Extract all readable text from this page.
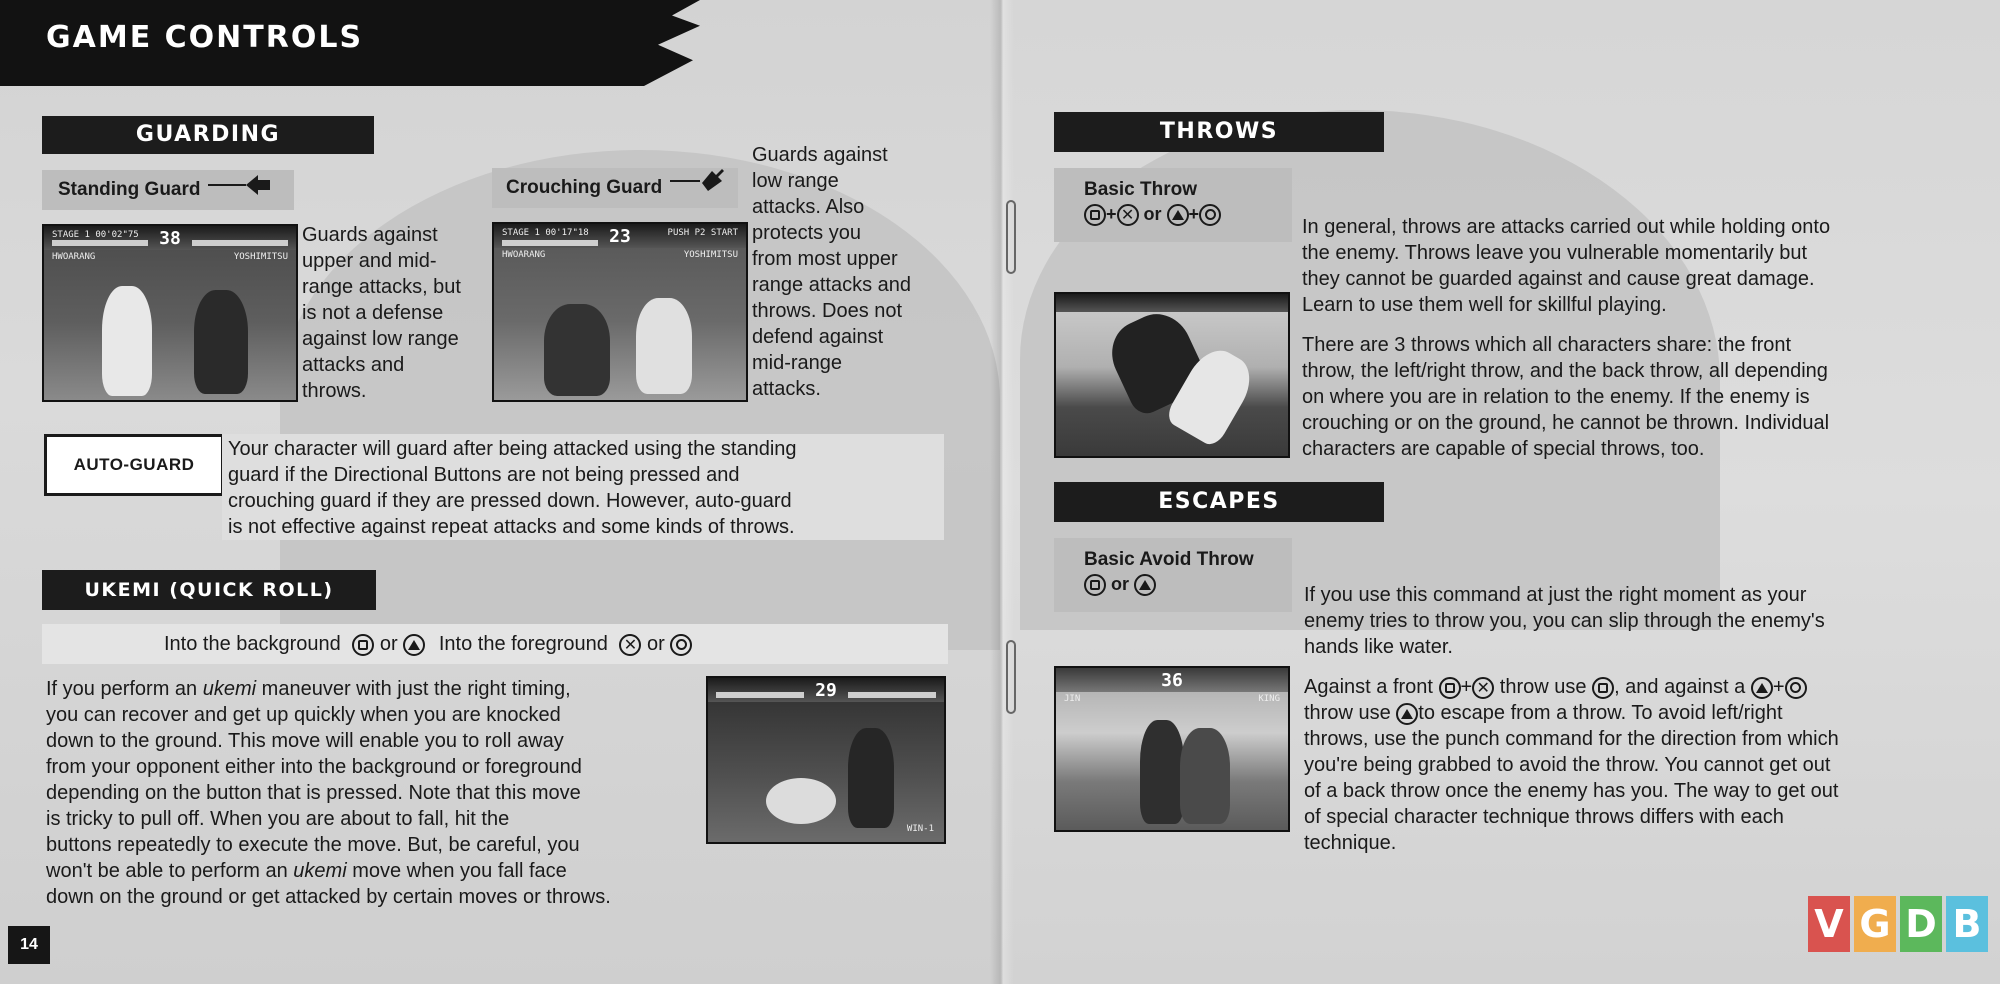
GAME CONTROLS
GUARDING
Standing Guard
STAGE 1 00'02"75 38
HWOARANG	YOSHIMITSU
Guards against
upper and mid-
range attacks, but
is not a defense
against low range
attacks and
throws.
Crouching Guard
STAGE 1 00'17"18 23	PUSH P2 START
HWOARANG	YOSHIMITSU
Guards against
low range
attacks. Also
protects you
from most upper
range attacks and
throws. Does not
defend against
mid-range
attacks.
AUTO-GUARD
Your character will guard after being attacked using the standing
guard if the Directional Buttons are not being pressed and
crouching guard if they are pressed down. However, auto-guard
is not effective against repeat attacks and some kinds of throws.
UKEMI (QUICK ROLL)
Into the background or Into the foreground ✕ or
If you perform an ukemi maneuver with just the right timing,
you can recover and get up quickly when you are knocked
down to the ground. This move will enable you to roll away
from your opponent either into the background or foreground
depending on the button that is pressed. Note that this move
is tricky to pull off. When you are about to fall, hit the
buttons repeatedly to execute the move. But, be careful, you
won't be able to perform an ukemi move when you fall face
down on the ground or get attacked by certain moves or throws.
29
WIN-1
14
THROWS
Basic Throw
+ ✕ or +
In general, throws are attacks carried out while holding onto
the enemy. Throws leave you vulnerable momentarily but
they cannot be guarded against and cause great damage.
Learn to use them well for skillful playing.
There are 3 throws which all characters share: the front
throw, the left/right throw, and the back throw, all depending
on where you are in relation to the enemy. If the enemy is
crouching or on the ground, he cannot be thrown. Individual
characters are capable of special throws, too.
ESCAPES
Basic Avoid Throw
or
36
JIN	KING
If you use this command at just the right moment as your
enemy tries to throw you, you can slip through the enemy's
hands like water.
Against a front + ✕ throw use , and against a +
throw use to escape from a throw. To avoid left/right
throws, use the punch command for the direction from which
you're being grabbed to avoid the throw. You cannot get out
of a back throw once the enemy has you. The way to get out
of special character technique throws differs with each
technique.
V G D B
